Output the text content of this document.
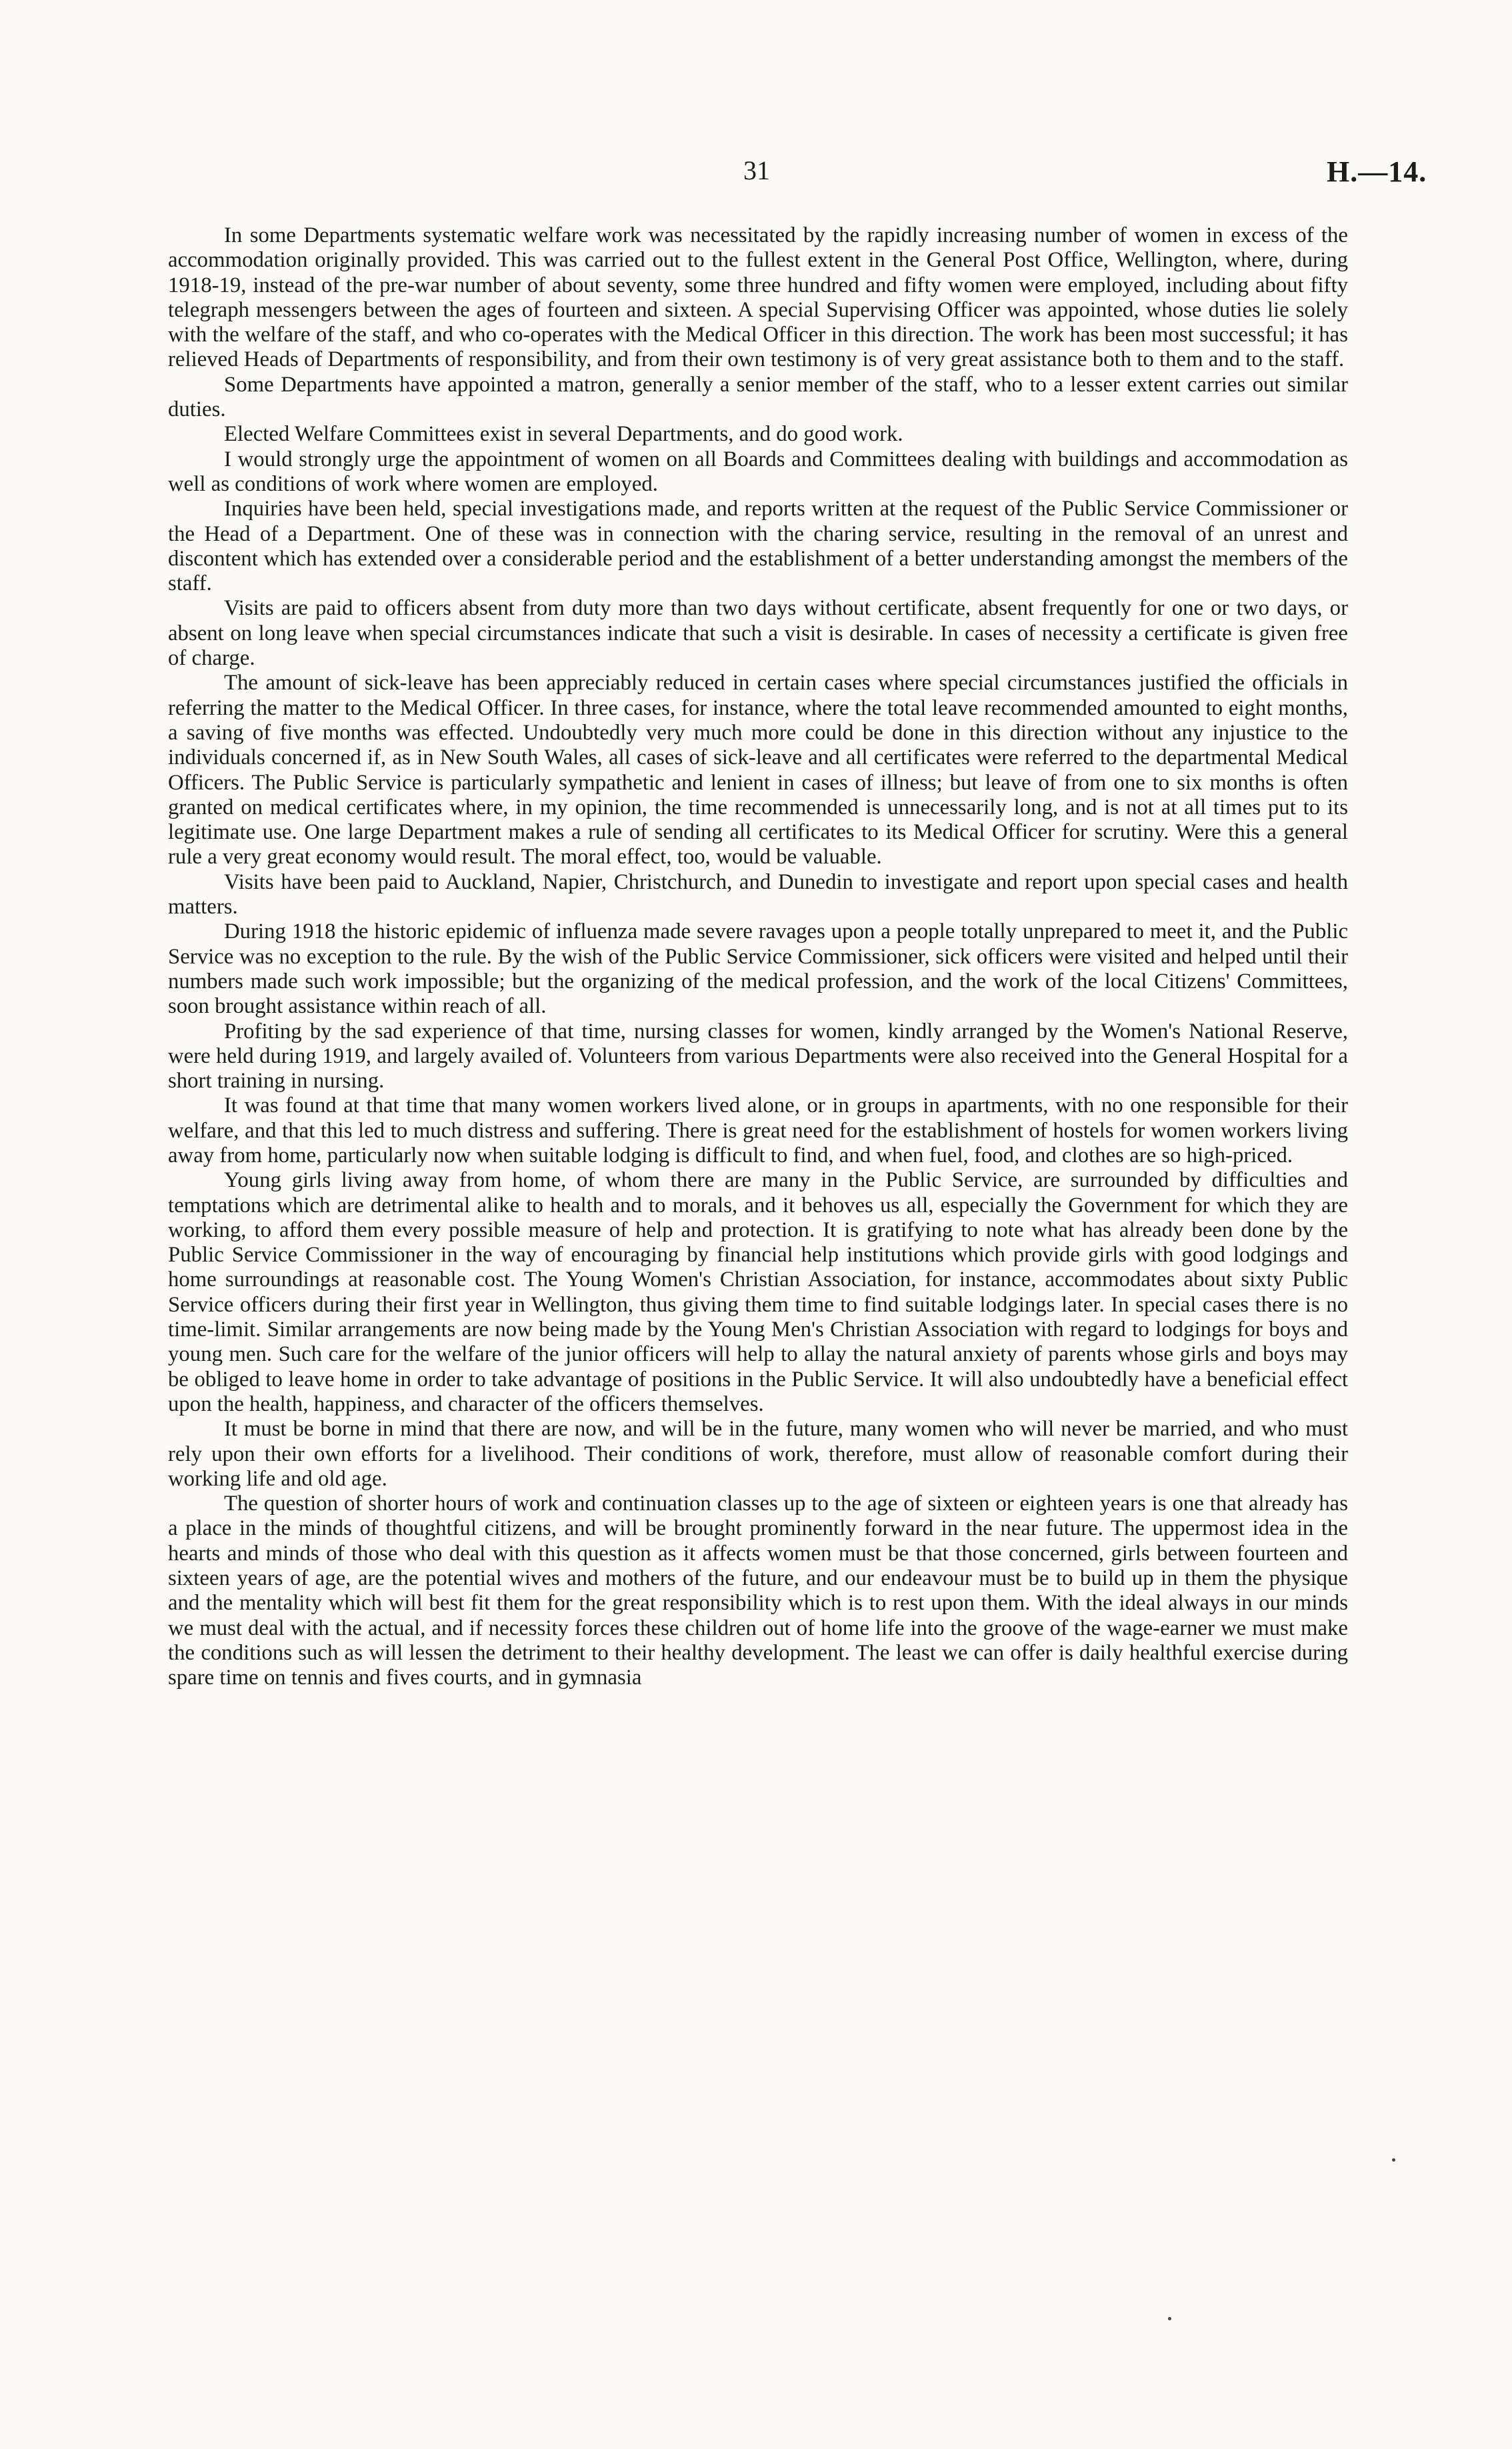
31	H.—14.

In some Departments systematic welfare work was necessitated by the rapidly increasing number of women in excess of the accommodation originally provided. This was carried out to the fullest extent in the General Post Office, Wellington, where, during 1918-19, instead of the pre-war number of about seventy, some three hundred and fifty women were employed, including about fifty telegraph messengers between the ages of fourteen and sixteen. A special Supervising Officer was appointed, whose duties lie solely with the welfare of the staff, and who co-operates with the Medical Officer in this direction. The work has been most successful; it has relieved Heads of Departments of responsibility, and from their own testimony is of very great assistance both to them and to the staff.

Some Departments have appointed a matron, generally a senior member of the staff, who to a lesser extent carries out similar duties.

Elected Welfare Committees exist in several Departments, and do good work.

I would strongly urge the appointment of women on all Boards and Committees dealing with buildings and accommodation as well as conditions of work where women are employed.

Inquiries have been held, special investigations made, and reports written at the request of the Public Service Commissioner or the Head of a Department. One of these was in connection with the charing service, resulting in the removal of an unrest and discontent which has extended over a considerable period and the establishment of a better understanding amongst the members of the staff.

Visits are paid to officers absent from duty more than two days without certificate, absent frequently for one or two days, or absent on long leave when special circumstances indicate that such a visit is desirable. In cases of necessity a certificate is given free of charge.

The amount of sick-leave has been appreciably reduced in certain cases where special circumstances justified the officials in referring the matter to the Medical Officer. In three cases, for instance, where the total leave recommended amounted to eight months, a saving of five months was effected. Undoubtedly very much more could be done in this direction without any injustice to the individuals concerned if, as in New South Wales, all cases of sick-leave and all certificates were referred to the departmental Medical Officers. The Public Service is particularly sympathetic and lenient in cases of illness; but leave of from one to six months is often granted on medical certificates where, in my opinion, the time recommended is unnecessarily long, and is not at all times put to its legitimate use. One large Department makes a rule of sending all certificates to its Medical Officer for scrutiny. Were this a general rule a very great economy would result. The moral effect, too, would be valuable.

Visits have been paid to Auckland, Napier, Christchurch, and Dunedin to investigate and report upon special cases and health matters.

During 1918 the historic epidemic of influenza made severe ravages upon a people totally unprepared to meet it, and the Public Service was no exception to the rule. By the wish of the Public Service Commissioner, sick officers were visited and helped until their numbers made such work impossible; but the organizing of the medical profession, and the work of the local Citizens' Committees, soon brought assistance within reach of all.

Profiting by the sad experience of that time, nursing classes for women, kindly arranged by the Women's National Reserve, were held during 1919, and largely availed of. Volunteers from various Departments were also received into the General Hospital for a short training in nursing.

It was found at that time that many women workers lived alone, or in groups in apartments, with no one responsible for their welfare, and that this led to much distress and suffering. There is great need for the establishment of hostels for women workers living away from home, particularly now when suitable lodging is difficult to find, and when fuel, food, and clothes are so high-priced.

Young girls living away from home, of whom there are many in the Public Service, are surrounded by difficulties and temptations which are detrimental alike to health and to morals, and it behoves us all, especially the Government for which they are working, to afford them every possible measure of help and protection. It is gratifying to note what has already been done by the Public Service Commissioner in the way of encouraging by financial help institutions which provide girls with good lodgings and home surroundings at reasonable cost. The Young Women's Christian Association, for instance, accommodates about sixty Public Service officers during their first year in Wellington, thus giving them time to find suitable lodgings later. In special cases there is no time-limit. Similar arrangements are now being made by the Young Men's Christian Association with regard to lodgings for boys and young men. Such care for the welfare of the junior officers will help to allay the natural anxiety of parents whose girls and boys may be obliged to leave home in order to take advantage of positions in the Public Service. It will also undoubtedly have a beneficial effect upon the health, happiness, and character of the officers themselves.

It must be borne in mind that there are now, and will be in the future, many women who will never be married, and who must rely upon their own efforts for a livelihood. Their conditions of work, therefore, must allow of reasonable comfort during their working life and old age.

The question of shorter hours of work and continuation classes up to the age of sixteen or eighteen years is one that already has a place in the minds of thoughtful citizens, and will be brought prominently forward in the near future. The uppermost idea in the hearts and minds of those who deal with this question as it affects women must be that those concerned, girls between fourteen and sixteen years of age, are the potential wives and mothers of the future, and our endeavour must be to build up in them the physique and the mentality which will best fit them for the great responsibility which is to rest upon them. With the ideal always in our minds we must deal with the actual, and if necessity forces these children out of home life into the groove of the wage-earner we must make the conditions such as will lessen the detriment to their healthy development. The least we can offer is daily healthful exercise during spare time on tennis and fives courts, and in gymnasia
